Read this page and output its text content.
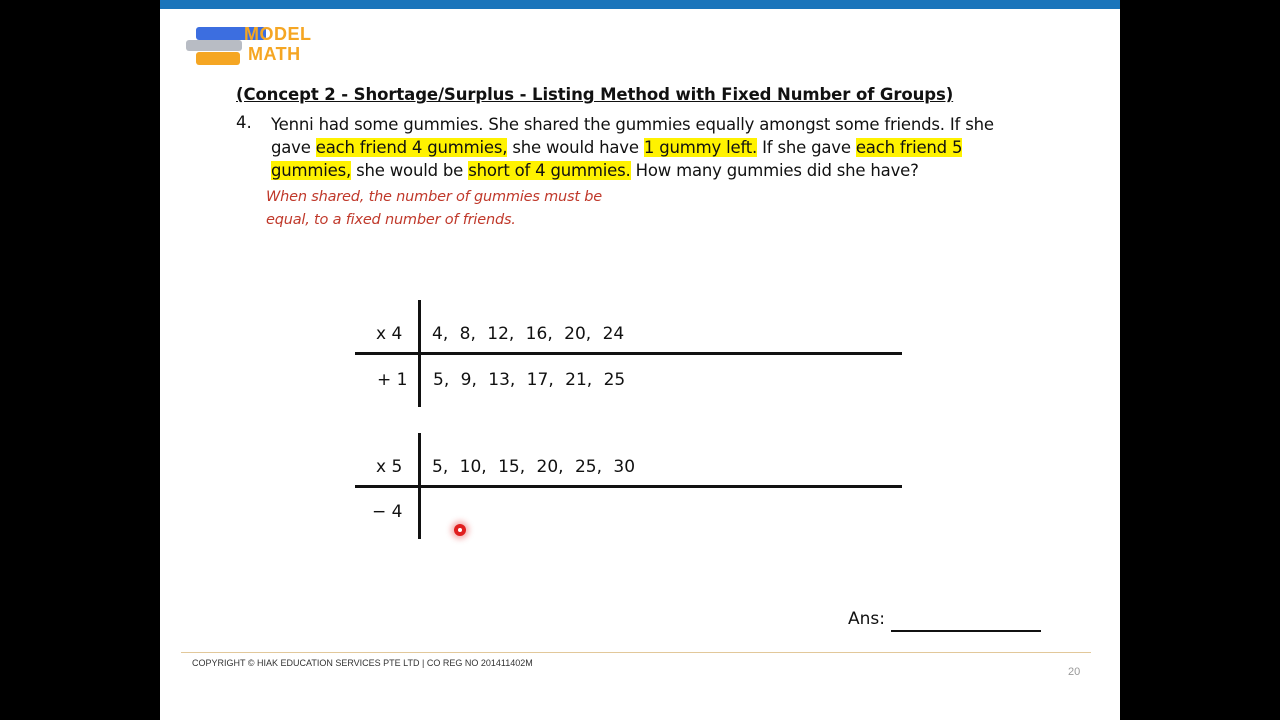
MODEL
MATH
(Concept 2 - Shortage/Surplus - Listing Method with Fixed Number of Groups)
4. Yenni had some gummies. She shared the gummies equally amongst some friends. If she
gave each friend 4 gummies, she would have 1 gummy left. If she gave each friend 5
gummies, she would be short of 4 gummies. How many gummies did she have?
When shared, the number of gummies must be
equal, to a fixed number of friends.
x 4 4, 8, 12, 16, 20, 24
+ 1 5, 9, 13, 17, 21, 25
x 5 5, 10, 15, 20, 25, 30
− 4
Ans:
COPYRIGHT © HIAK EDUCATION SERVICES PTE LTD | CO REG NO 201411402M
20
